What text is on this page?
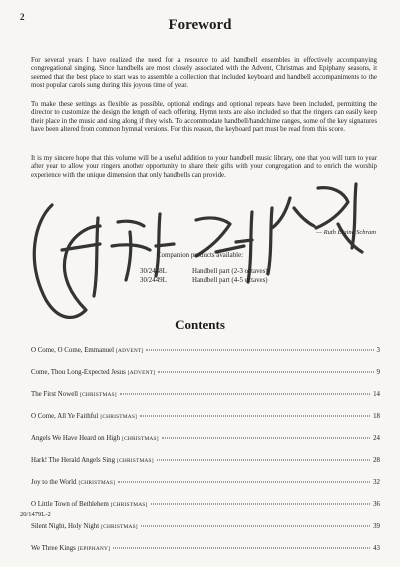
2	Foreword

For several years I have realized the need for a resource to aid handbell ensembles in effectively accompanying congregational singing. Since handbells are most closely associated with the Advent, Christmas and Epiphany seasons, it seemed that the best place to start was to assemble a collection that included keyboard and handbell accompaniments to the most popular carols sung during this joyous time of year.

To make these settings as flexible as possible, optional endings and optional repeats have been included, permitting the director to customize the design the length of each offering. Hymn texts are also included so that the ringers can easily keep their place in the music and sing along if they wish. To accommodate handbell/handchime ranges, some of the key signatures have been altered from common hymnal versions. For this reason, the keyboard part must be read from this score.

It is my sincere hope that this volume will be a useful addition to your handbell music library, one that you will turn to year after year to allow your ringers another opportunity to share their gifts with your congregation and to enrich the worship experience with the unique dimension that only handbells can provide.

— Ruth Elaine Schram
Companion products available:
30/2448L	Handbell part (2-3 octaves)
30/2449L	Handbell part (4-5 octaves)
Contents
O Come, O Come, Emmanuel [ADVENT]	3
Come, Thou Long-Expected Jesus [ADVENT]	9
The First Nowell [CHRISTMAS]	14
O Come, All Ye Faithful [CHRISTMAS]	18
Angels We Have Heard on High [CHRISTMAS]	24
Hark! The Herald Angels Sing [CHRISTMAS]	28
Joy to the World [CHRISTMAS]	32
O Little Town of Bethlehem [CHRISTMAS]	36
Silent Night, Holy Night [CHRISTMAS]	39
We Three Kings [EPIPHANY]	43
20/1479L-2
